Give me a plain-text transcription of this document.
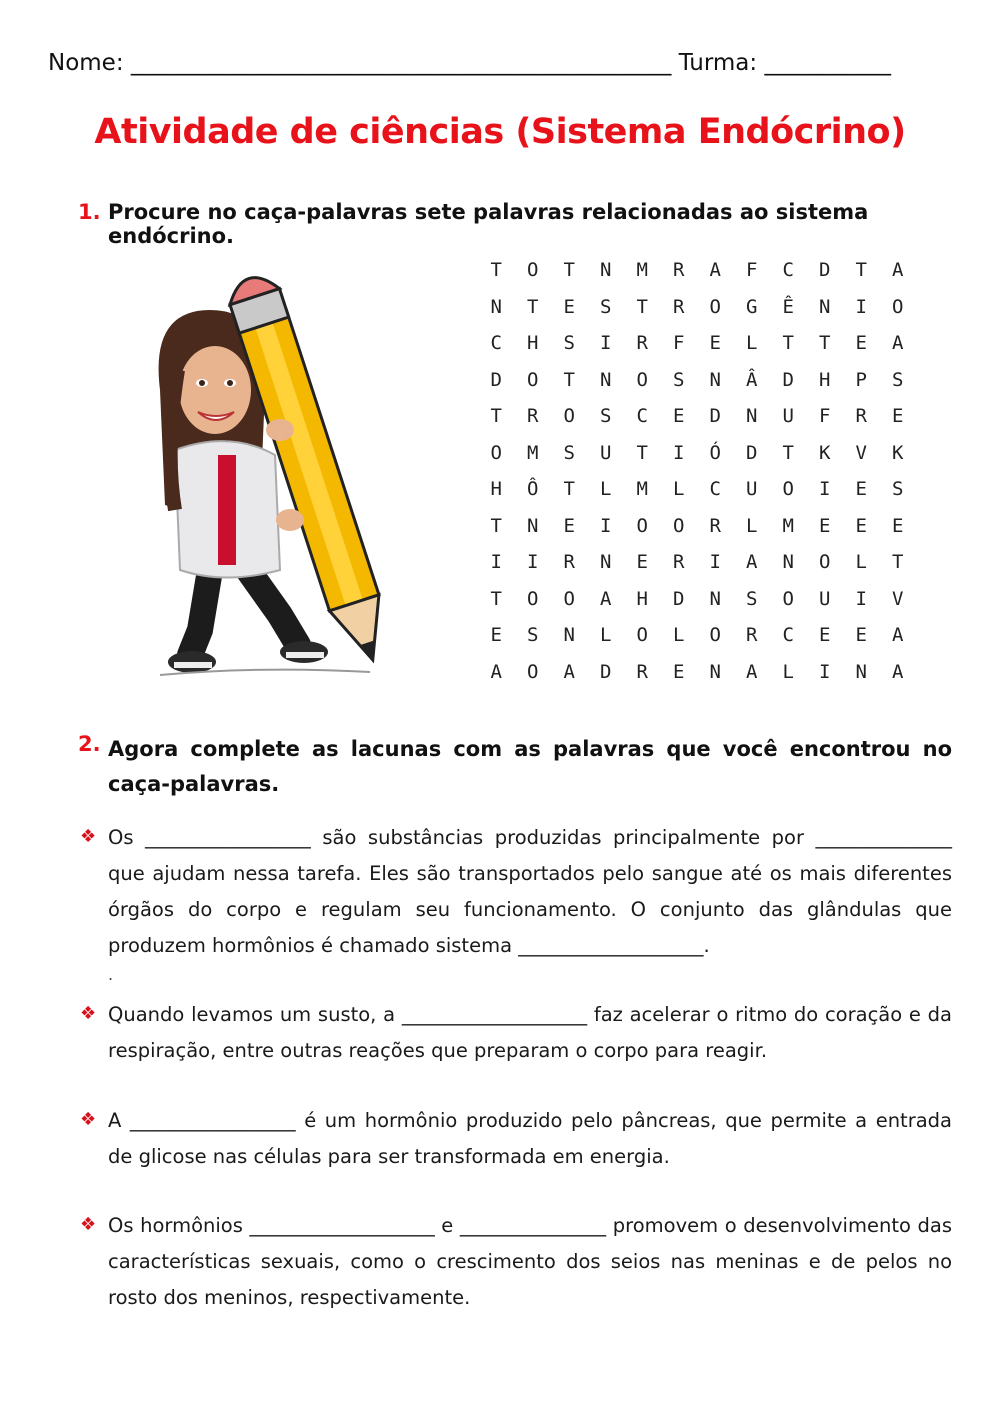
Nome: _______________________________________________ Turma: ___________
Atividade de ciências (Sistema Endócrino)
1. Procure no caça-palavras sete palavras relacionadas ao sistema endócrino.
T	O	T	N	M	R	A	F	C	D	T	A
N	T	E	S	T	R	O	G	Ê	N	I	O
C	H	S	I	R	F	E	L	T	T	E	A
D	O	T	N	O	S	N	Â	D	H	P	S
T	R	O	S	C	E	D	N	U	F	R	E
O	M	S	U	T	I	Ó	D	T	K	V	K
H	Ô	T	L	M	L	C	U	O	I	E	S
T	N	E	I	O	O	R	L	M	E	E	E
I	I	R	N	E	R	I	A	N	O	L	T
T	O	O	A	H	D	N	S	O	U	I	V
E	S	N	L	O	L	O	R	C	E	E	A
A	O	A	D	R	E	N	A	L	I	N	A
2. Agora complete as lacunas com as palavras que você encontrou no caça-palavras.
❖ Os _________________ são substâncias produzidas principalmente por ______________ que ajudam nessa tarefa. Eles são transportados pelo sangue até os mais diferentes órgãos do corpo e regulam seu funcionamento. O conjunto das glândulas que produzem hormônios é chamado sistema ___________________.
.
❖ Quando levamos um susto, a ___________________ faz acelerar o ritmo do coração e da respiração, entre outras reações que preparam o corpo para reagir.
❖ A _________________ é um hormônio produzido pelo pâncreas, que permite a entrada de glicose nas células para ser transformada em energia.
❖ Os hormônios ___________________ e _______________ promovem o desenvolvimento das características sexuais, como o crescimento dos seios nas meninas e de pelos no rosto dos meninos, respectivamente.
